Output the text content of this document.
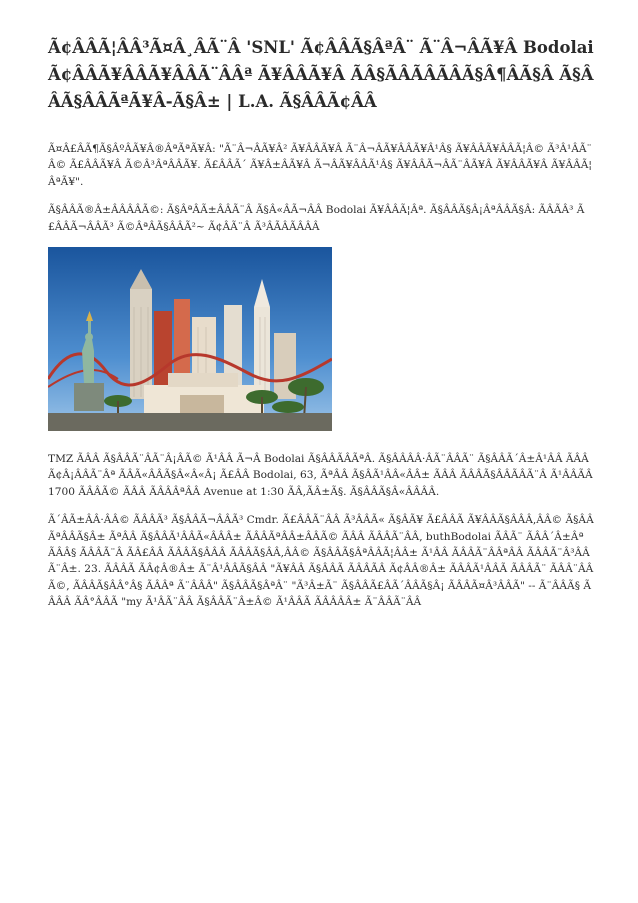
Ã¢ÂÂÃ¦ÂÂ³Ã¤Â¸ÂÃ¨Â 'SNL' Ã¢ÂÂÃ§ÂªÂ¨ Ã¨Â¬ÂÃ¥Â Bodolai Ã¢ÂÂÃ¥ÂÂÃ¥ÂÂÃ¨ÂÂª Ã¥ÂÂÃ¥Â ÃÂ§ÃÂÃÂÃÂÃ§Â¶ÂÃ§Â Ã§ÂÂÃ§ÂÂÃªÃ¥Â-Ã§Â± | L.A. Ã§ÂÂÃ¢ÂÂ

Ã¤Â£ÂÃ¶Ã§ÂºÂÃ¥Â®ÂªÃªÃ¥Â: "Ã¨Â¬ÂÃ¥Â² Ã¥ÂÂÃ¥Â Ã¨Â¬ÂÃ¥ÂÂÃ¥Â¹Â§ Ã¥ÂÂÃ¥ÂÂÃ¦Â© Ã³Â¹ÂÃ¨Â© Ã£ÂÂÃ¥Â Ã©Â³ÂªÂÂÃ¥. Ã£ÂÂÃ´ Ã¥Â±ÂÃ¥Â Ã¬ÂÃ¥ÂÂÃ¹Â§ Ã¥ÂÂÃ¬ÂÃ¨ÂÃ¥Â Ã¥ÂÂÃ¥Â Ã¥ÂÂÃ¦ÂªÃ¥".

Ã§ÂÂÃ®Â±ÂÂÂÂÃ©: Ã§ÂªÂÃ±ÂÂÃ¨Â Ã§Â«ÂÃ¬ÂÂ Bodolai Ã¥ÂÂÃ¦Âª. Ã§ÂÂÃ§Â¡ÂªÂÂÃ§Â: ÃÂÃÂ³ Ã£ÂÂÃ¬ÂÂÃ³ Ã©ÂªÂÃ§ÂÂÃ²~ Ã¢ÂÃ¨Â Ã³ÂÃÂÃÂÂÂ

TMZ ÃÂÂ Ã§ÂÂÃ¨ÂÃ¨Â¡ÂÃ© Ã¹ÂÂ Ã¬Â Bodolai Ã§ÂÂÃÂÃªÂ. Ã§ÂÂÂÂ·ÂÃ¨ÂÂÃ¨ Ã§ÂÂÃ´Â±Â¹ÂÂ ÃÂÂÃ¢Â¡ÂÂÃ¨Âª ÃÂÃ«ÂÂÃ§Â«Â«Â¡ Ã£ÂÂ Bodolai, 63, ÃªÂÂ Ã§ÂÃ¹ÂÂ«ÂÂ± ÃÂÂ ÃÂÂÃ§ÂÂÃÂÃ¨Â Ã¹ÂÂÃÂ 1700 ÃÂÂÃ© ÃÂÂ ÃÂÂÂªÂÂ Avenue at 1:30 ÃÂ,ÃÂ±Ã§. Ã§ÂÂÃ§Â«ÂÂÂÂ.

Ã´ÂÃ±ÂÂ·ÂÂ© ÃÂÂÃ³ Ã§ÂÂÃ¬ÂÂÃ³ Cmdr. Ã£ÂÂÃ¨ÂÂ Ã³ÂÂÃ« Ã§ÂÃ¥ Ã£ÂÂÃ Ã¥ÂÂÃ§ÂÂÂ,ÂÂ© Ã§ÂÂÃªÂÂÃ§Â± ÃªÂÂ Ã§ÂÂÃ¹ÂÂÃ«ÂÂÂ± ÃÂÂÃªÂÂ±ÂÂÃ© ÃÂÂ ÃÂÂÃ¨ÂÂ, buthBodolai ÃÂÃ¨ ÃÂÂ´Â±Âª ÃÂÂ§ ÃÂÂÃ¨Â ÃÂ£ÂÂ ÃÂÂÃ§ÂÂÂ ÃÂÂÃ§ÂÂ,ÂÂ© Ã§ÂÂÃ§ÂªÂÂÃ¦ÂÂ± Ã¹ÂÂ ÃÂÂÃ¨ÂÂªÂÂ ÃÂÂÃ¨Â³ÂÂÃ¨Â±. 23. ÃÂÂÃ ÃÂ¢Â®Â± Ã¨Â¹ÂÂÃ§ÂÂ "Ã¥ÂÂ Ã§ÂÂÃ ÃÂÂÃÂ Ã¢ÂÂ®Â± ÃÂÂÃ¹ÂÂÃ ÃÂÂÃ¨ ÃÂÂ¨ÂÂÃ©, ÃÂÂÃ§ÂÂ°Â§ ÃÂÂª Ã¨ÂÂÂ" Ã§ÂÂÃ§ÂªÂ¨ "Ã³Â±Ã¨ Ã§ÂÂÃ£ÂÃ´ÂÂÃ§Â¡ ÃÂÂÃ¤Â³ÂÂÃ" -- Ã¨ÂÂÃ§ ÃÂÂÂ ÃÂ°ÂÂÃ "my Ã¹ÂÃ¨ÂÂ Ã§ÂÂÃ¨Â±Â© Ã¹ÂÂÃ ÃÂÂÂÂ± Ã¨ÂÂÃ¨ÂÂ
